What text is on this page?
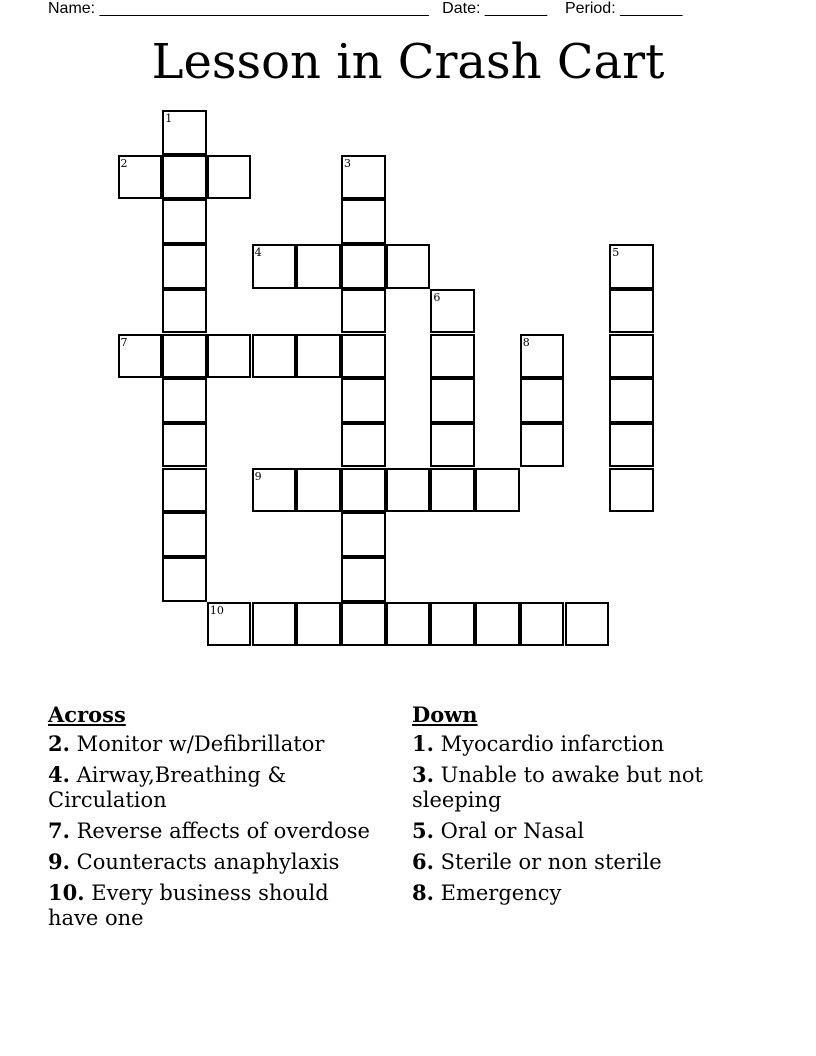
Name: _____________________________________ Date: _______ Period: _______
Lesson in Crash Cart
1
2	3
4	5
6
7	8
9
10
Across
2. Monitor w/Defibrillator
4. Airway,Breathing & Circulation
7. Reverse affects of overdose
9. Counteracts anaphylaxis
10. Every business should have one
Down
1. Myocardio infarction
3. Unable to awake but not sleeping
5. Oral or Nasal
6. Sterile or non sterile
8. Emergency
